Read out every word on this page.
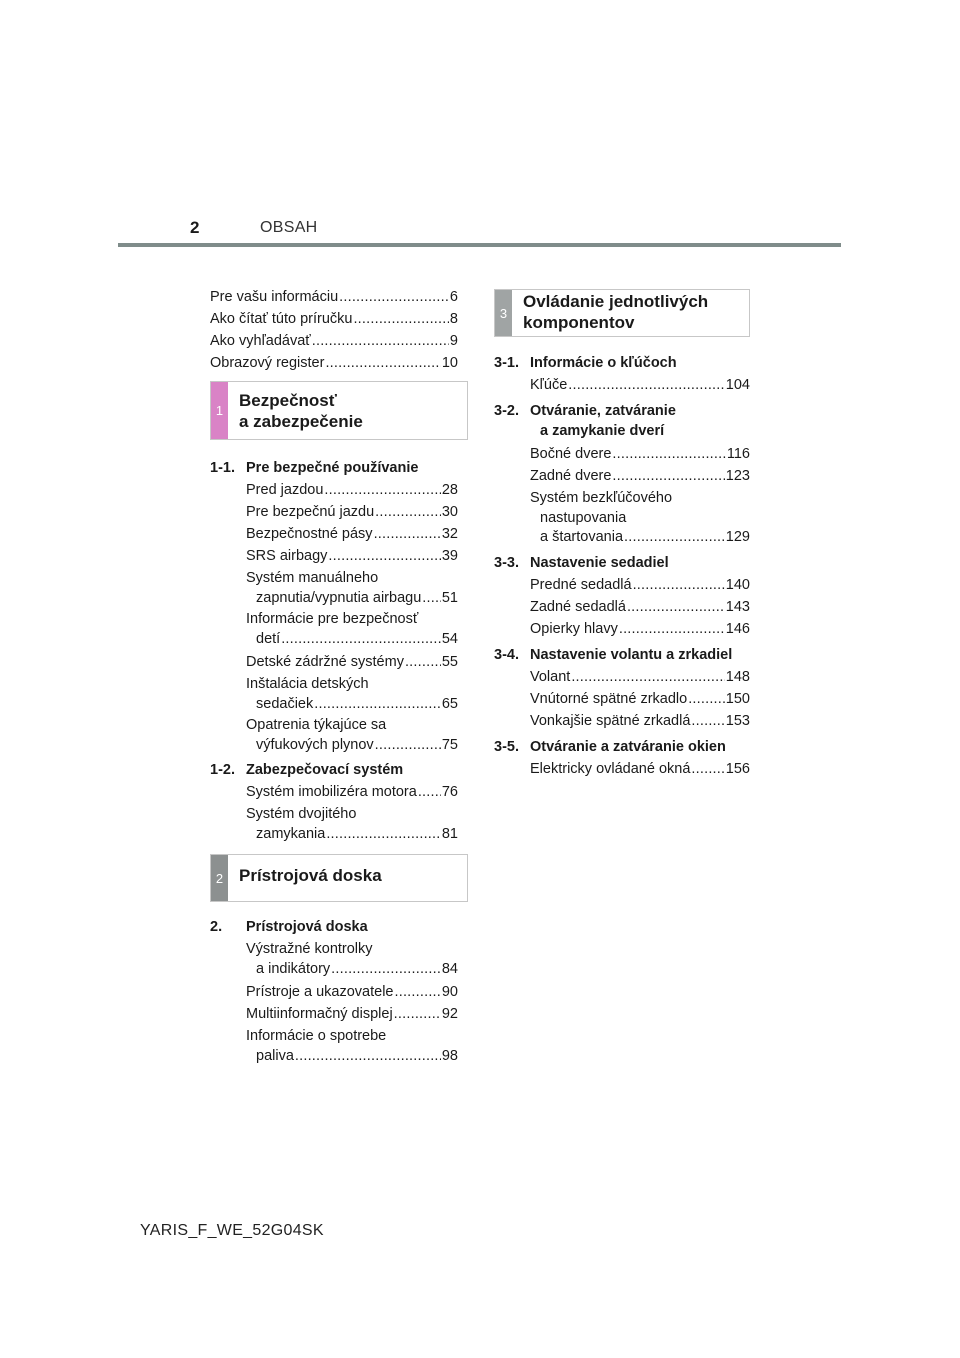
2	OBSAH
Pre vašu informáciu .....	6
Ako čítať túto príručku .....	8
Ako vyhľadávať .....	9
Obrazový register .....	10
1
Bezpečnosť
a zabezpečenie
1-1. Pre bezpečné používanie
Pred jazdou .....	28
Pre bezpečnú jazdu .....	30
Bezpečnostné pásy .....	32
SRS airbagy .....	39
Systém manuálneho
zapnutia/vypnutia airbagu ..... 51
Informácie pre bezpečnosť
detí .....	54
Detské zádržné systémy .....	55
Inštalácia detských
sedačiek .....	65
Opatrenia týkajúce sa
výfukových plynov .....	75
1-2. Zabezpečovací systém
Systém imobilizéra motora ..... 76
Systém dvojitého
zamykania .....	81
2 Prístrojová doska
2.	Prístrojová doska
Výstražné kontrolky
a indikátory .....	84
Prístroje a ukazovatele .....	90
Multiinformačný displej .....	92
Informácie o spotrebe
paliva .....	98
3
Ovládanie jednotlivých
komponentov
3-1. Informácie o kľúčoch
Kľúče .....	104
3-2. Otváranie, zatváranie
a zamykanie dverí
Bočné dvere .....	116
Zadné dvere .....	123
Systém bezkľúčového
nastupovania
a štartovania .....	129
3-3. Nastavenie sedadiel
Predné sedadlá .....	140
Zadné sedadlá .....	143
Opierky hlavy .....	146
3-4. Nastavenie volantu a zrkadiel
Volant .....	148
Vnútorné spätné zrkadlo .....	150
Vonkajšie spätné zrkadlá ..... 153
3-5. Otváranie a zatváranie okien
Elektricky ovládané okná ..... 156
YARIS_F_WE_52G04SK
